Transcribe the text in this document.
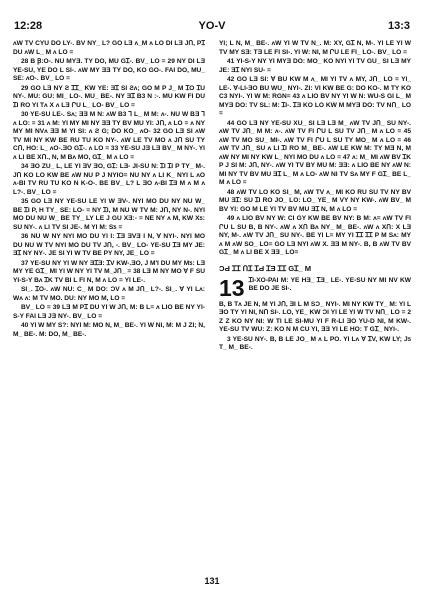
12:28	YO-V	13:3

ʌW TV CYU DO LY-. BV NY_ L? GO LƎ ʌ_M ʌ LO DI LƎ JՈ, PꞮ DU ʌW L_ M ʌ LO =

28 B Ꞵ:O-. NU MYƎ. TY DO, MU GꞮ-. BV_ LO = 29 NY DI LƎ YE-SU, YE DO L SI-. ʌW MY ƎƎ TY DO, KO GO-. FAI DO, MU_ SE: ʌO-. BV_ LO =

29 GO LƎ NY Ƨ ꞮꞮ_ KW YE: ƎꞮ SI Ƨʌ; GO M P J_ M ꞮO ꞮU NY-. MU: GU: MƖ_ LO-. MU_ BE-. NY ƎꞮ B3 N :-. MU KW FI DU ꞮI RO YI Tʌ X ʌ LƎ ՐU L_ LO- BV_ LO =

30 YE-SU LE-. Sʌ; ƎƎ M N: ʌW B3 Ꞁ L_ M M: ʌ-. NU W BƎ Ꞁ ʌ LO: = 31 ʌ M: YI MY MI NY ƎƎ TY BV MU YI: JՈ, ʌ LO = ʌ NY MY MI NVʌ ƎƎ M YI SI: ʌ Ƨ G; DO KO_ ʌO- 32 GO LƎ SI ʌW TV MI NY KW BE RU TU KO NY-. ʌW LE TV MO ʌ JՈ SU TY CՈ, HO: L_ ʌO-.ƎO GꞮ-. ʌ LO = 33 YE-SU JƎ LƎ BV_ M NY-. YI ʌ LI BE XՈ., N, M Bʌ MO, GꞮ_ M ʌ LO =

34 ƎO ZU_ L, LE YI ƎV ƎO, GꞮ: LƎ- JI-SU N: ꞮI ꞮI P TY_ M-. JՈ KO LO KW BE ʌW NU P J NYIO= NU NY ʌ LI K_ NYI L ʌO ʌ-BI TV RU TU KO N K-O-. BE BV_ L? L ƎO ʌ-BI ꞮƎ M ʌ M ʌ L?-. BV_ LO =

35 GO LƎ NY YE-SU LE YI W ƎV-. NYI MO DU NY NU W_ BE ꞮI P, H TY_ SE: LO- = NY ꞮI, M NU W TV M: JՈ, NY N-. NYI MO DU NU W_ BE TY_ LY LE J GU XƎ:- = NE NY ʌ M, KW Xƽ: SU NY-. ʌ LI TV SI JE-. M YI M: Sƽ =

36 NU W NY NYI MO DU YI I: ꞮƎ ƎVƎ I N, Ɐ NYI-. NYI MO DU NU W TV NYI MO DU TV JՈ, -. BV_ LO- YE-SU ꞮƎ MY JE: ƎꞮ NY NY-. JE SI YI W TV BE PY NY, JE_ LO =

37 YE-SU NY YI W NY ƎꞮƎ: ꞮV KW-.ƎO, J M'I DU MY Mƽ: LƎ MY YE GꞮ_ MI YI W NY YI TV M_JՈ_ = 38 LƎ M NY MO Ɐ F SU YI-S-Y Bʌ ꞮK TV BI L FI N, M ʌ LO = YI LE-.

SI_. ꞮO-. ʌW NU: C_ M DO: ƆV ʌ M JՈ_ L?-. SI_. Ɐ YI Lʌ: Wʌ ʌ: M TV MO. DU: NY MO M, LO =

BV_ LO = 39 LƎ M PꞮ DU YI W JՈ, M: B L= ʌ LIO BE NY YI-S-Y FAI LƎ JƎ NY-. BV_ LO =

40 YI W MY S?: NYI M: MO N, M_ BE-. YI W NI, M: M J ZI; N, M_ BE-. M: DO, M_ BE-.

YI; L N, M_ BE-. ʌW YI W TV N_. M: XY, GꞮ N, M-. YI LE YI W TV MY SƎ: TƎ LE FI SI-. YI W: NI, M ՐU LE FI_ LO-. BV_ LO =

41 YI-S-Y NY YI MYƎ DO: MO_ KO NYI YI TV GU_ SI LƎ MY JE: ƎꞮ NYI SU- =

42 GO LƎ SI: Ɐ BU KW M ʌ_ MI YI TV ʌ MY, JՈ_ LO = YI_ LE-. Ɐ-LI-ƎO BU WU_ NYI-. ZI: VI KW BE G: DO KO-. M TY KO C3 NYI-. YI W M: RGN= 43 ʌ LIO BV NY YI W N: WU-S GI L_ M MYƎ DO: TV SL: M: ꞮI-. ꞮƎ KO LO KW M MYƎ DO: TV NՈ_ LO =

44 GO LƎ NY YE-SU XU_ SI LƎ LƎ M_ ʌW TV JՈ_ SU NY-. ʌW TV JՈ_ M M: ʌ-. ʌW TV FI ՐU L SU TV JՈ_ M ʌ LO = 45 ʌW TV MO SU_ MI-. ʌW TV FI ՐU L SU TY MO_ M ʌ LO = 46 ʌW TV JՈ_ SU ʌ LI ꞮI RO M_ BE-. ʌW LE KW M: TY MƎ N, M ʌW NY MI NY KW L_ NYI MO DU ʌ LO = 47 ʌ: M_ MI ʌW BV ꞮK P J SI M: JՈ, NY-. ʌW YI TV BY MU M: ƎƎ: ʌ LIO BE NY ʌW N: MI NY TV BV MU ƎꞮ L_ M ʌ LO- ʌW NI TV Sʌ MY F GꞮ_ BE L_ M ʌ LO =

48 ʌW TV LO KO SI_ M, ʌW TV ʌ_ MI KO RU SU TV NY BV MU ƎꞮ: SU ꞮI RO JO_ LO: LO_ YE_ M VY NY KW-. ʌW BV_ M BV YI: GO M LE YI TV BV MU ƎꞮ N, M ʌ LO =

49 ʌ LIO BV NY W: CI GY KW BE BV NY: B M: ʌ= ʌW TV FI ՐU L SU B, B NY-. ʌW ʌ XՈ Bʌ NY_ M_ BE-. ʌW ʌ XՈ: X LƎ NY, M-. ʌW TV JՈ_ SU NY-. BE YI L= MY YI ꞮꞮ ꞮꞮ P M Sʌ: MY ʌ M ʌW SO_ LO= GO LƎ NYI ʌW X. ƎƎ M NY-. B, B ʌW TV BV GꞮ_ M ʌ LI BE X ƎƎ_ LO=

ƆԀ ꞮꞮ ՈꞮ ꞮԀ ꞮƎ ꞮꞮ GꞮ_ M
13 ꞮI-XO-PAI M: YE HƎ_ ꞮƎ_ LE-. YE-SU NY MI NV KW BE DO JE SI-.

B, B Tʌ JE N, M YI JՈ, ƎI L M SƆ_ NYI-. MI NY KW TY_ M: YI L ƎO TY YI NI, NՈ SI-. LO, YE_ KW ƆI YI LE YI W TV NՈ_ LO = 2 Z Z KO NY NI: W TI LE SI-MU YI F R-LI ƎO YU-D NI, M KW-. YE-SU TV WU: Z: KO N M CU YI, ƎƎ YI LE HO: T GꞮ_ NYI-.

3 YE-SU NY-. B, B LE JO_ M ʌ L PO. YI Lʌ Ɐ ꞮV, KW LY; Jƽ T_ M_ BE-.

131
